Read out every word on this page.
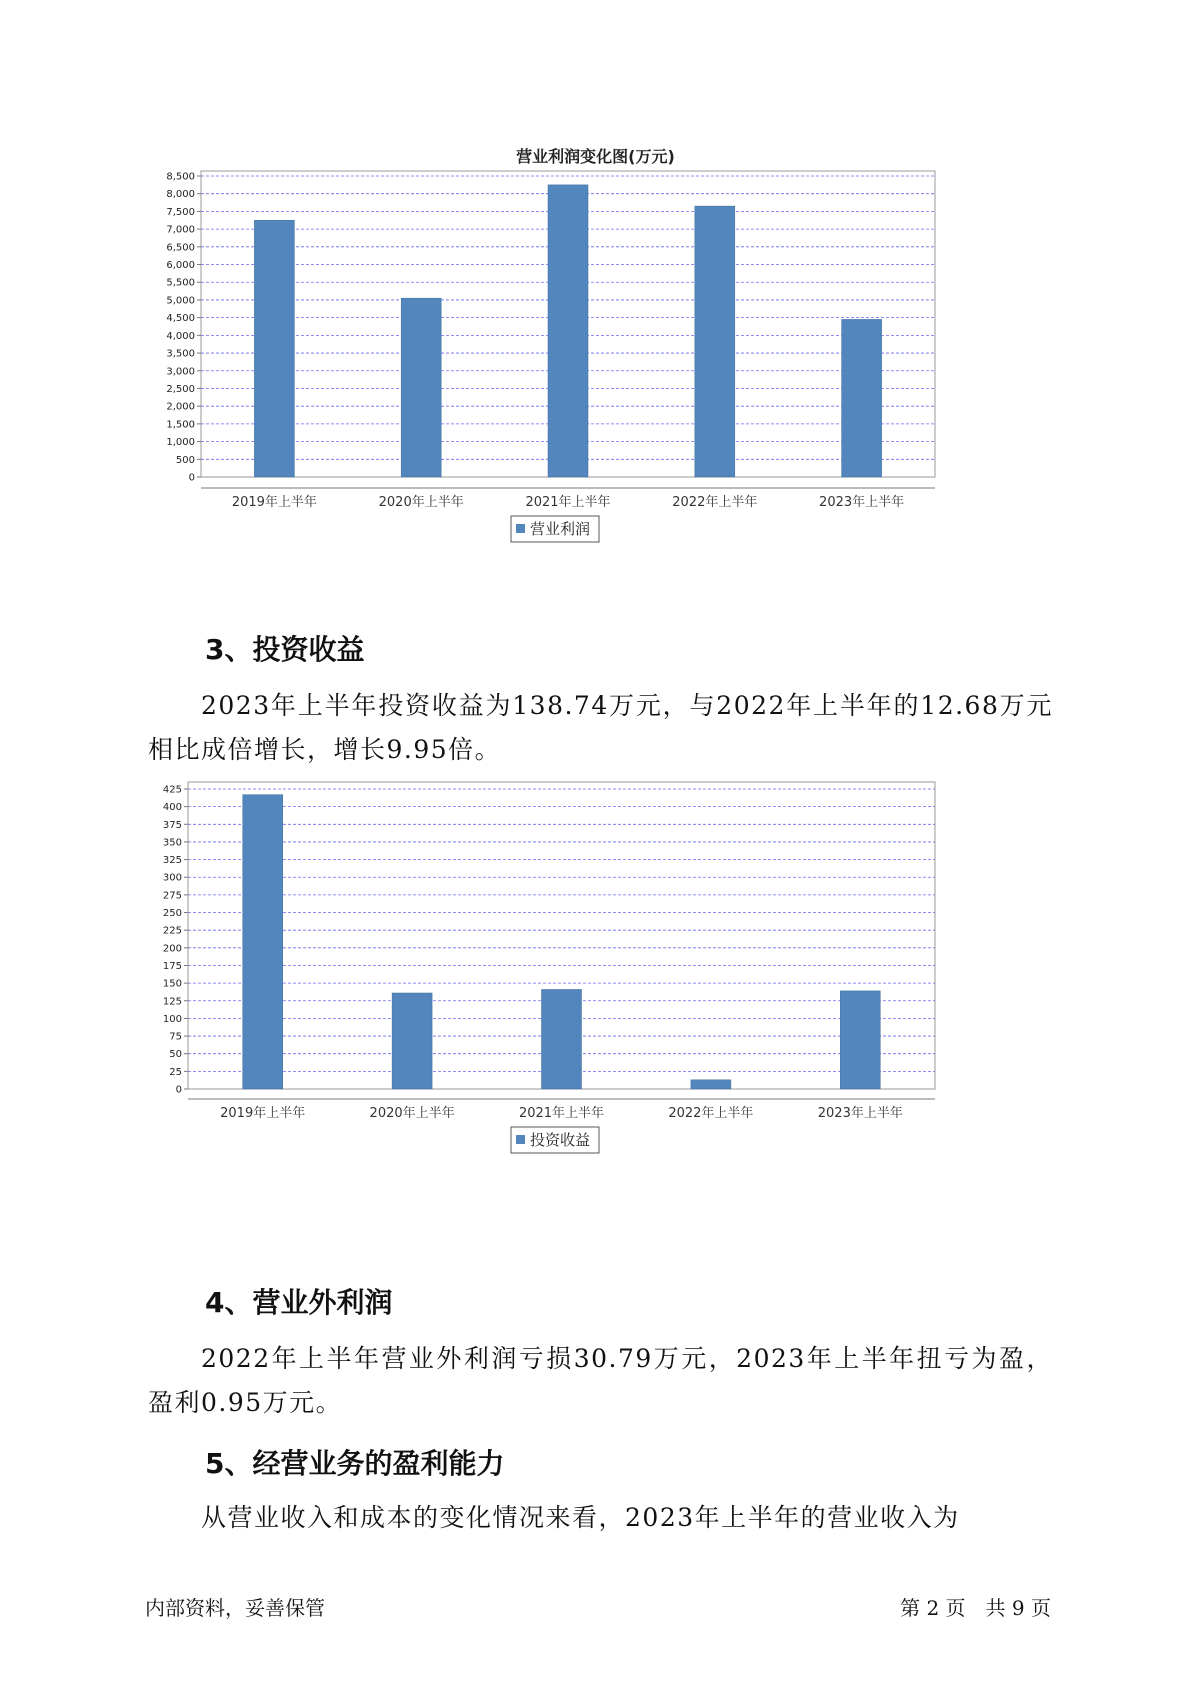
营业利润变化图(万元)
0
500
1,000
1,500
2,000
2,500
3,000
3,500
4,000
4,500
5,000
5,500
6,000
6,500
7,000
7,500
8,000
8,500
2019年上半年	2020年上半年	2021年上半年	2022年上半年	2023年上半年
营业利润
3、投资收益
2023年上半年投资收益为138.74万元，与2022年上半年的12.68万元相比成倍增长，增长9.95倍。
0
25
50
75
100
125
150
175
200
225
250
275
300
325
350
375
400
425
2019年上半年	2020年上半年	2021年上半年	2022年上半年	2023年上半年
投资收益
4、营业外利润
2022年上半年营业外利润亏损30.79万元，2023年上半年扭亏为盈，盈利0.95万元。
5、经营业务的盈利能力
从营业收入和成本的变化情况来看，2023年上半年的营业收入为
内部资料，妥善保管	第 2 页　共 9 页
